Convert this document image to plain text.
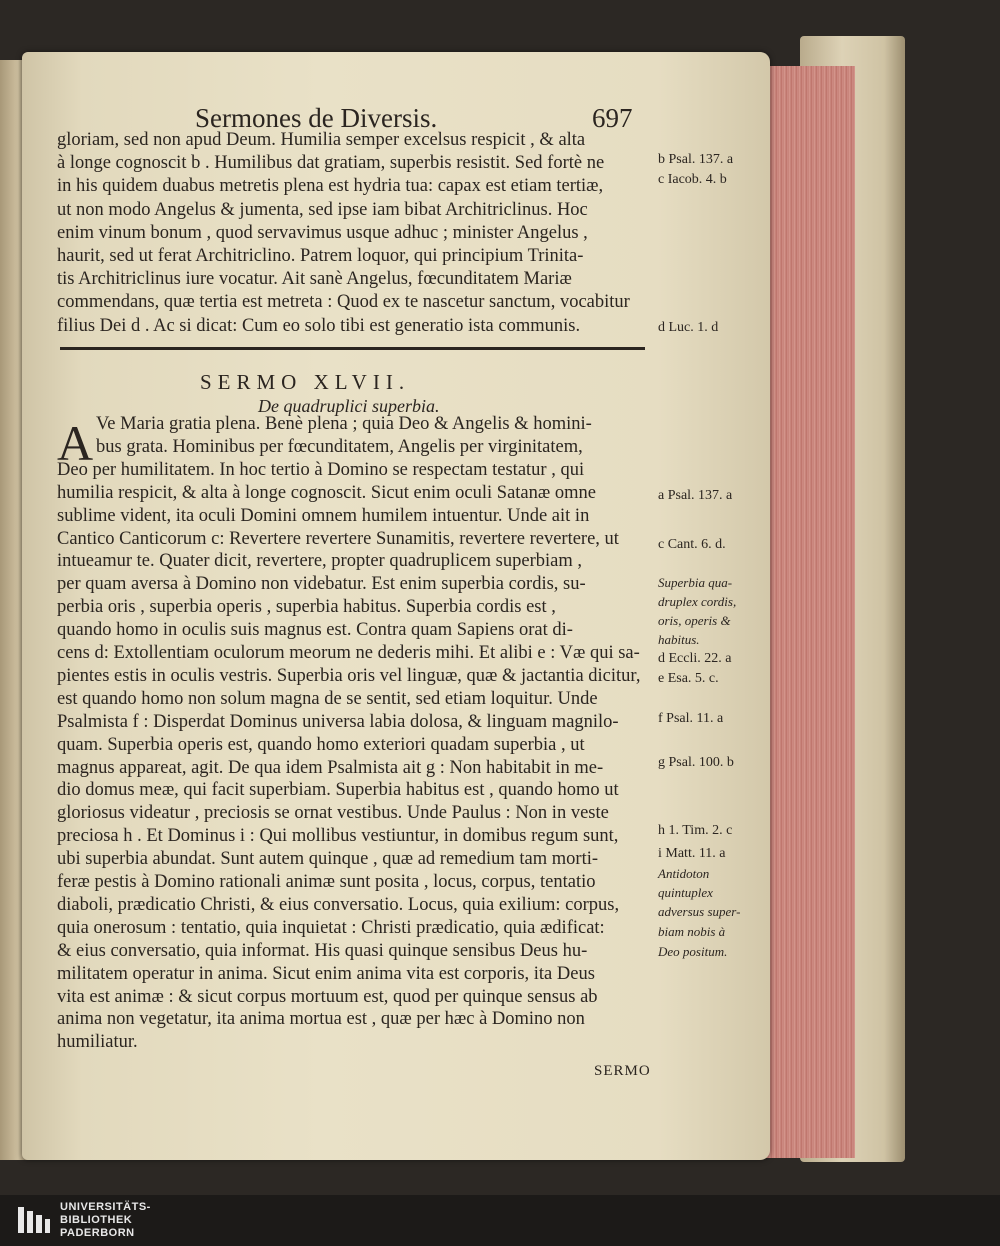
Sermones de Diversis.	697
gloriam, sed non apud Deum. Humilia semper excelsus respicit , & alta
à longe cognoscit b . Humilibus dat gratiam, superbis resistit. Sed fortè ne
in his quidem duabus metretis plena est hydria tua: capax est etiam tertiæ,
ut non modo Angelus & jumenta, sed ipse iam bibat Architriclinus. Hoc
enim vinum bonum , quod servavimus usque adhuc ; minister Angelus ,
haurit, sed ut ferat Architriclino. Patrem loquor, qui principium Trinita-
tis Architriclinus iure vocatur. Ait sanè Angelus, fœcunditatem Mariæ
commendans, quæ tertia est metreta : Quod ex te nascetur sanctum, vocabitur
filius Dei d . Ac si dicat: Cum eo solo tibi est generatio ista communis.
SERMO XLVII.
De quadruplici superbia.
A Ve Maria gratia plena. Benè plena ; quia Deo & Angelis & homini-
bus grata. Hominibus per fœcunditatem, Angelis per virginitatem,
Deo per humilitatem. In hoc tertio à Domino se respectam testatur , qui
humilia respicit, & alta à longe cognoscit. Sicut enim oculi Satanæ omne
sublime vident, ita oculi Domini omnem humilem intuentur. Unde ait in
Cantico Canticorum c: Revertere revertere Sunamitis, revertere revertere, ut
intueamur te. Quater dicit, revertere, propter quadruplicem superbiam ,
per quam aversa à Domino non videbatur. Est enim superbia cordis, su-
perbia oris , superbia operis , superbia habitus. Superbia cordis est ,
quando homo in oculis suis magnus est. Contra quam Sapiens orat di-
cens d: Extollentiam oculorum meorum ne dederis mihi. Et alibi e : Væ qui sa-
pientes estis in oculis vestris. Superbia oris vel linguæ, quæ & jactantia dicitur,
est quando homo non solum magna de se sentit, sed etiam loquitur. Unde
Psalmista f : Disperdat Dominus universa labia dolosa, & linguam magnilo-
quam. Superbia operis est, quando homo exteriori quadam superbia , ut
magnus appareat, agit. De qua idem Psalmista ait g : Non habitabit in me-
dio domus meæ, qui facit superbiam. Superbia habitus est , quando homo ut
gloriosus videatur , preciosis se ornat vestibus. Unde Paulus : Non in veste
preciosa h . Et Dominus i : Qui mollibus vestiuntur, in domibus regum sunt,
ubi superbia abundat. Sunt autem quinque , quæ ad remedium tam morti-
feræ pestis à Domino rationali animæ sunt posita , locus, corpus, tentatio
diaboli, prædicatio Christi, & eius conversatio. Locus, quia exilium: corpus,
quia onerosum : tentatio, quia inquietat : Christi prædicatio, quia ædificat:
& eius conversatio, quia informat. His quasi quinque sensibus Deus hu-
militatem operatur in anima. Sicut enim anima vita est corporis, ita Deus
vita est animæ : & sicut corpus mortuum est, quod per quinque sensus ab
anima non vegetatur, ita anima mortua est , quæ per hæc à Domino non
humiliatur.
b Psal. 137. a
c Iacob. 4. b
d Luc. 1. d
a Psal. 137. a
c Cant. 6. d.
Superbia qua-
druplex cordis,
oris, operis &
habitus.
d Eccli. 22. a
e Esa. 5. c.
f Psal. 11. a
g Psal. 100. b
h 1. Tim. 2. c
i Matt. 11. a
Antidoton
quintuplex
adversus super-
biam nobis à
Deo positum.
SERMO
UNIVERSITÄTS-
BIBLIOTHEK
PADERBORN
